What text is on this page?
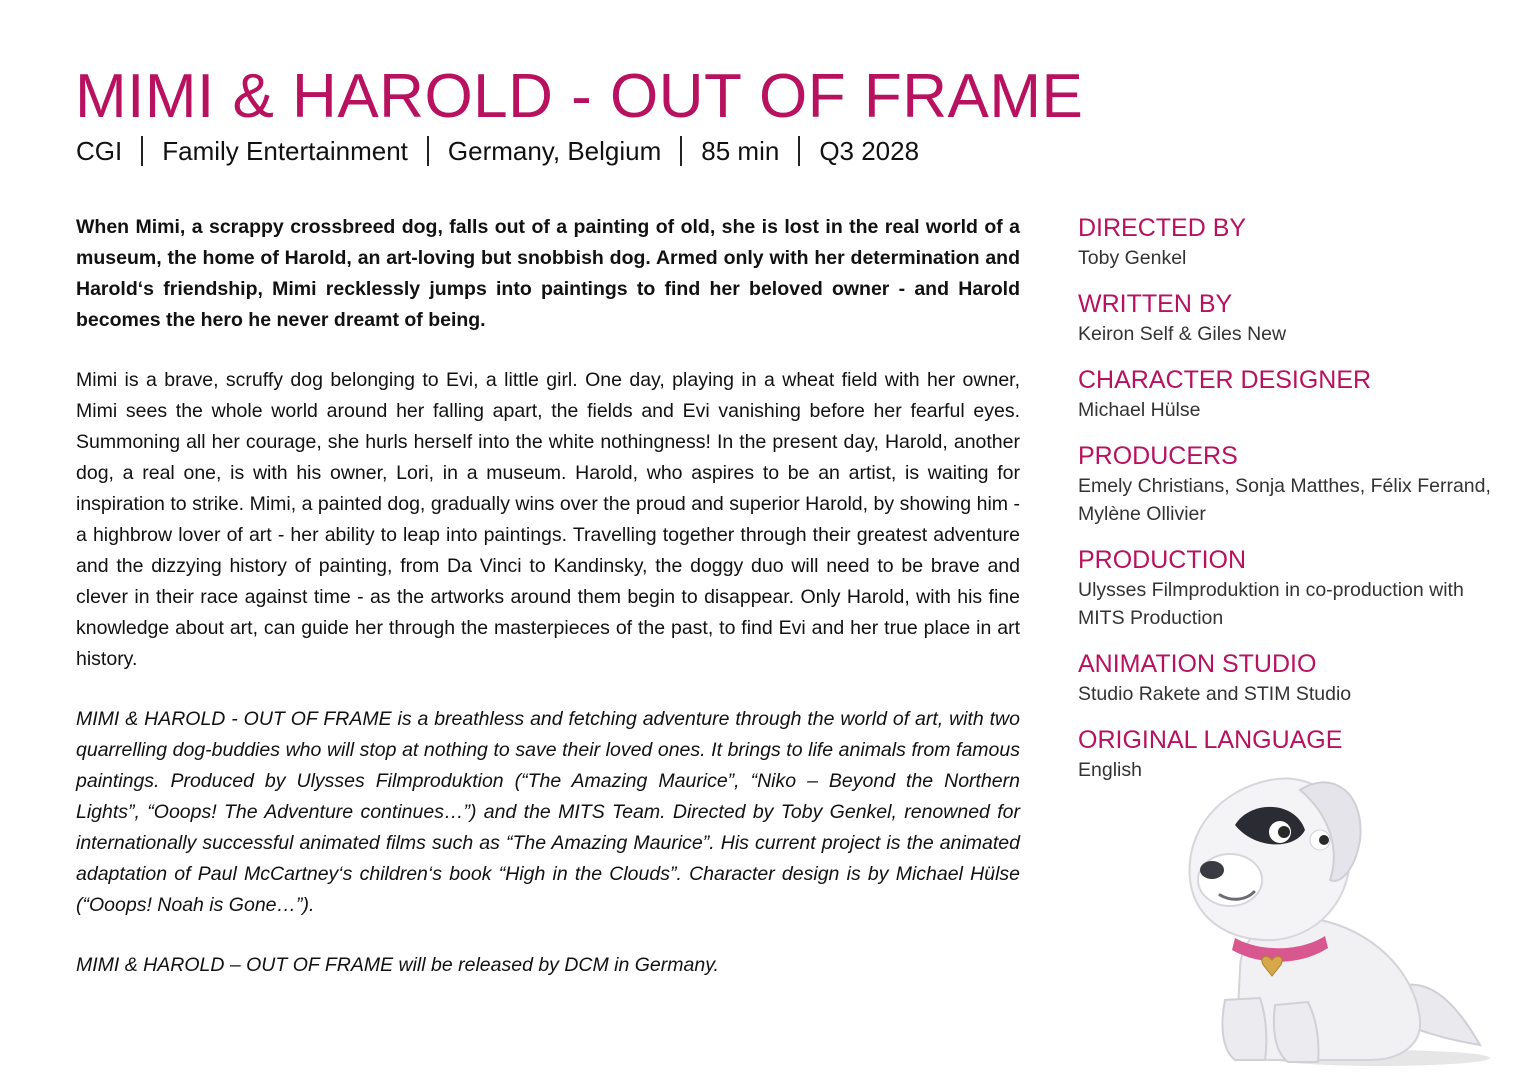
MIMI & HAROLD - OUT OF FRAME
CGI Family Entertainment Germany, Belgium 85 min Q3 2028

When Mimi, a scrappy crossbreed dog, falls out of a painting of old, she is lost in the real world of a museum, the home of Harold, an art-loving but snobbish dog. Armed only with her determination and Harold‘s friendship, Mimi recklessly jumps into paintings to find her beloved owner - and Harold becomes the hero he never dreamt of being.

Mimi is a brave, scruffy dog belonging to Evi, a little girl. One day, playing in a wheat field with her owner, Mimi sees the whole world around her falling apart, the fields and Evi vanishing before her fearful eyes. Summoning all her courage, she hurls herself into the white nothingness! In the present day, Harold, another dog, a real one, is with his owner, Lori, in a museum. Harold, who aspires to be an artist, is waiting for inspiration to strike. Mimi, a painted dog, gradually wins over the proud and superior Harold, by showing him - a highbrow lover of art - her ability to leap into paintings. Travelling together through their greatest adventure and the dizzying history of painting, from Da Vinci to Kandinsky, the doggy duo will need to be brave and clever in their race against time - as the artworks around them begin to disappear. Only Harold, with his fine knowledge about art, can guide her through the masterpieces of the past, to find Evi and her true place in art history.

MIMI & HAROLD - OUT OF FRAME is a breathless and fetching adventure through the world of art, with two quarrelling dog-buddies who will stop at nothing to save their loved ones. It brings to life animals from famous paintings. Produced by Ulysses Filmproduktion (“The Amazing Maurice”, “Niko – Beyond the Northern Lights”, “Ooops! The Adventure continues…”) and the MITS Team. Directed by Toby Genkel, renowned for internationally successful animated films such as “The Amazing Maurice”. His current project is the animated adaptation of Paul McCartney‘s children‘s book “High in the Clouds”. Character design is by Michael Hülse (“Ooops! Noah is Gone…”).

MIMI & HAROLD – OUT OF FRAME will be released by DCM in Germany.

DIRECTED BY
Toby Genkel
WRITTEN BY
Keiron Self & Giles New
CHARACTER DESIGNER
Michael Hülse
PRODUCERS
Emely Christians, Sonja Matthes, Félix Ferrand, Mylène Ollivier
PRODUCTION
Ulysses Filmproduktion in co-production with MITS Production
ANIMATION STUDIO
Studio Rakete and STIM Studio
ORIGINAL LANGUAGE
English
